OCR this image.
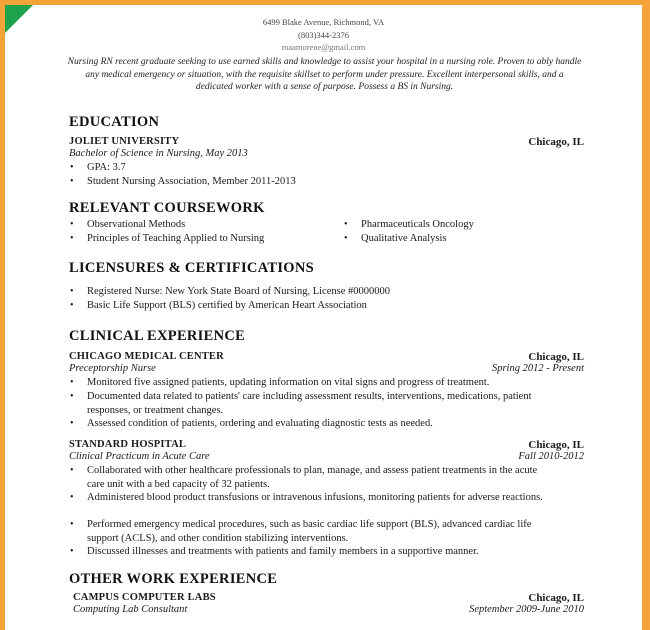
6499 Blake Avenue, Richmond, VA
(803)344-2376
maamorene@gmail.com
Nursing RN recent graduate seeking to use earned skills and knowledge to assist your hospital in a nursing role. Proven to ably handle any medical emergency or situation, with the requisite skillset to perform under pressure. Excellent interpersonal skills, and a dedicated worker with a sense of purpose. Possess a BS in Nursing.
EDUCATION
JOLIET UNIVERSITY	Chicago, IL
Bachelor of Science in Nursing, May 2013
• GPA: 3.7
• Student Nursing Association, Member 2011-2013
RELEVANT COURSEWORK
• Observational Methods
• Principles of Teaching Applied to Nursing
• Pharmaceuticals Oncology
• Qualitative Analysis
LICENSURES & CERTIFICATIONS
• Registered Nurse: New York State Board of Nursing, License #0000000
• Basic Life Support (BLS) certified by American Heart Association
CLINICAL EXPERIENCE
CHICAGO MEDICAL CENTER	Chicago, IL
Preceptorship Nurse	Spring 2012 - Present
• Monitored five assigned patients, updating information on vital signs and progress of treatment.
• Documented data related to patients' care including assessment results, interventions, medications, patient responses, or treatment changes.
• Assessed condition of patients, ordering and evaluating diagnostic tests as needed.
STANDARD HOSPITAL	Chicago, IL
Clinical Practicum in Acute Care	Fall 2010-2012
• Collaborated with other healthcare professionals to plan, manage, and assess patient treatments in the acute care unit with a bed capacity of 32 patients.
• Administered blood product transfusions or intravenous infusions, monitoring patients for adverse reactions.
• Performed emergency medical procedures, such as basic cardiac life support (BLS), advanced cardiac life support (ACLS), and other condition stabilizing interventions.
• Discussed illnesses and treatments with patients and family members in a supportive manner.
OTHER WORK EXPERIENCE
CAMPUS COMPUTER LABS	Chicago, IL
Computing Lab Consultant	September 2009-June 2010
